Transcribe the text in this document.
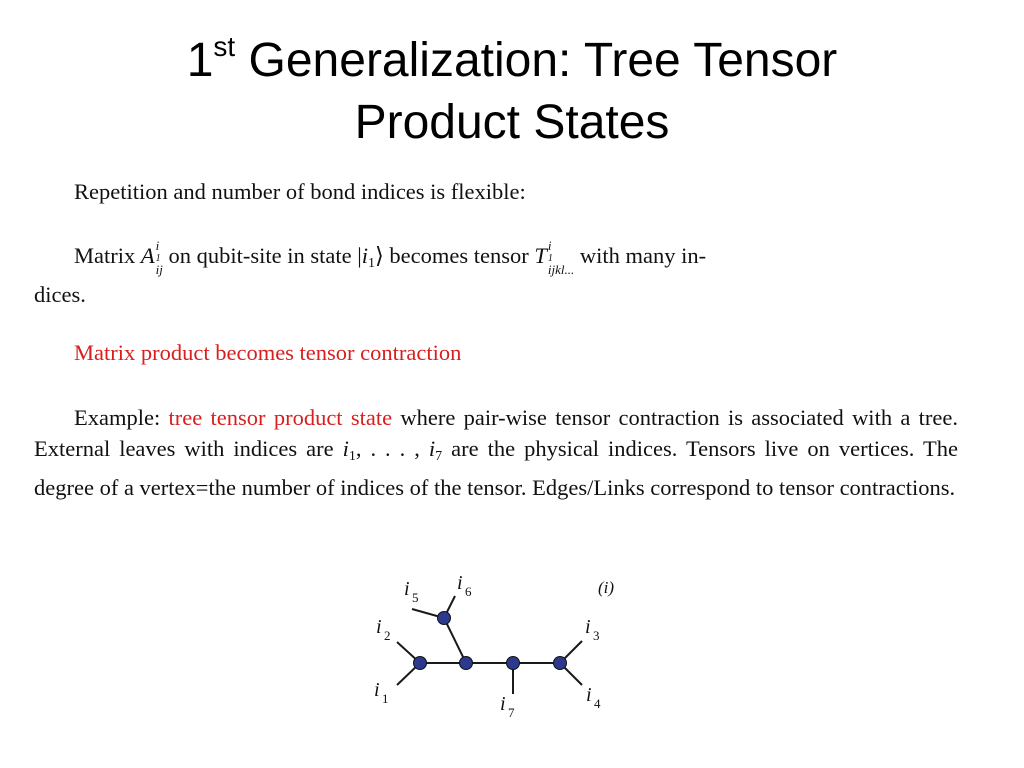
1st Generalization: Tree Tensor
Product States

Repetition and number of bond indices is flexible:

Matrix A i
1
ij
on qubit-site in state $|i_1⟩$ becomes tensor T i
1
ijkl...
with many in-
dices.

Matrix product becomes tensor contraction

Example: tree tensor product state where pair-wise tensor contraction is associated with a tree. External leaves with indices are $i_1$, . . . , $i_7$ are the physical indices. Tensors live on vertices. The degree of a vertex=the number of indices of the tensor. Edges/Links correspond to tensor contractions.

(i)
i 5
i 6
i 2	i 3
i 1	i 7
i 4
